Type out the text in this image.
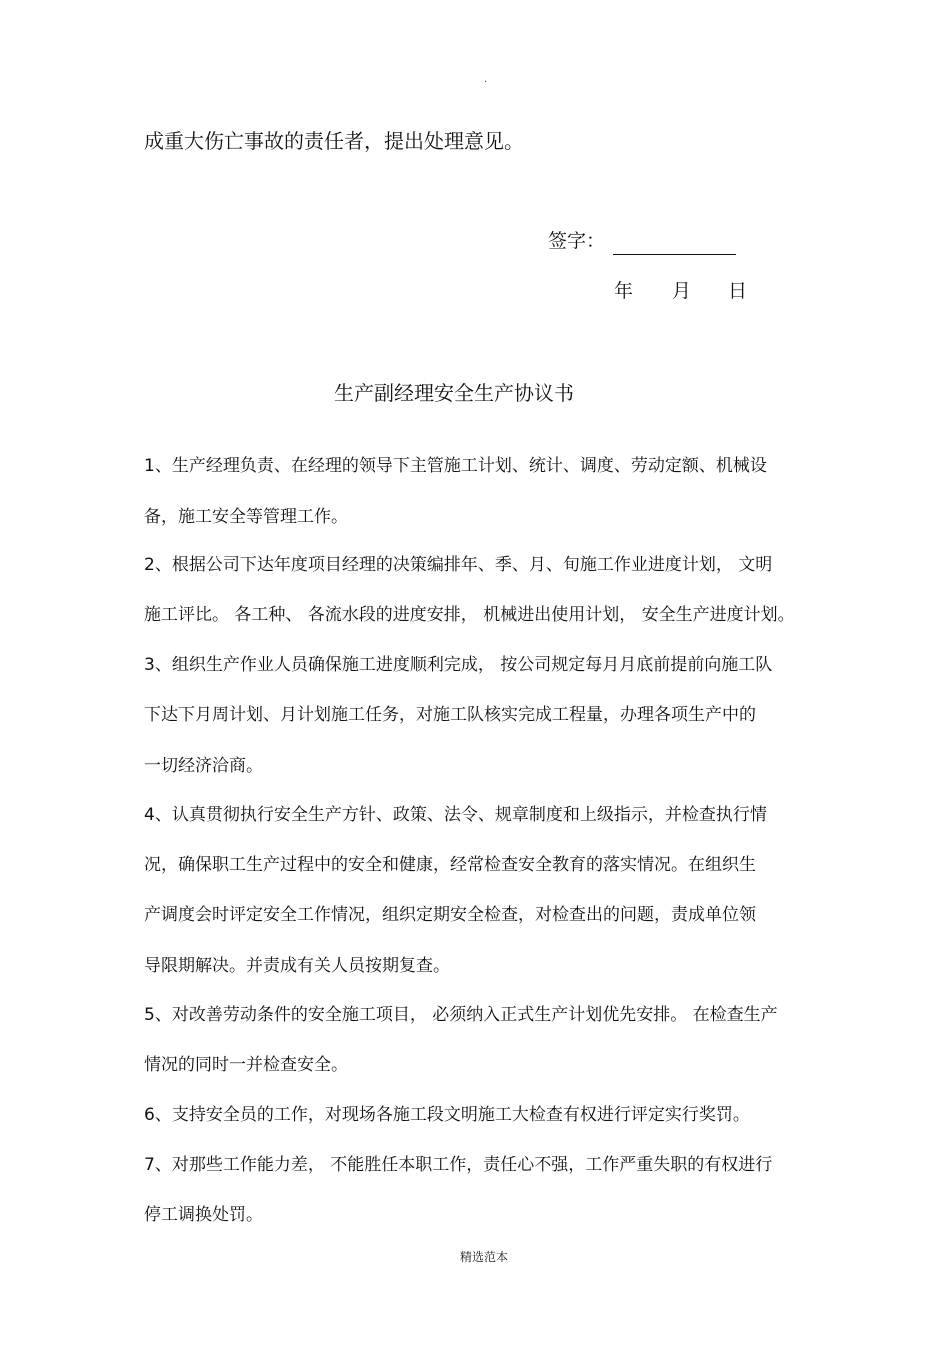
.
成重大伤亡事故的责任者，提出处理意见。
签字：
年 月 日
生产副经理安全生产协议书
1、生产经理负责、在经理的领导下主管施工计划、统计、调度、劳动定额、机械设
备，施工安全等管理工作。
2、根据公司下达年度项目经理的决策编排年、季、月、旬施工作业进度计划， 文明
施工评比。 各工种、 各流水段的进度安排， 机械进出使用计划， 安全生产进度计划。
3、组织生产作业人员确保施工进度顺利完成， 按公司规定每月月底前提前向施工队
下达下月周计划、月计划施工任务，对施工队核实完成工程量，办理各项生产中的
一切经济洽商。
4、认真贯彻执行安全生产方针、政策、法令、规章制度和上级指示，并检查执行情
况，确保职工生产过程中的安全和健康，经常检查安全教育的落实情况。在组织生
产调度会时评定安全工作情况，组织定期安全检查，对检查出的问题，责成单位领
导限期解决。并责成有关人员按期复查。
5、对改善劳动条件的安全施工项目， 必须纳入正式生产计划优先安排。 在检查生产
情况的同时一并检查安全。
6、支持安全员的工作，对现场各施工段文明施工大检查有权进行评定实行奖罚。
7、对那些工作能力差， 不能胜任本职工作，责任心不强，工作严重失职的有权进行
停工调换处罚。
精选范本
